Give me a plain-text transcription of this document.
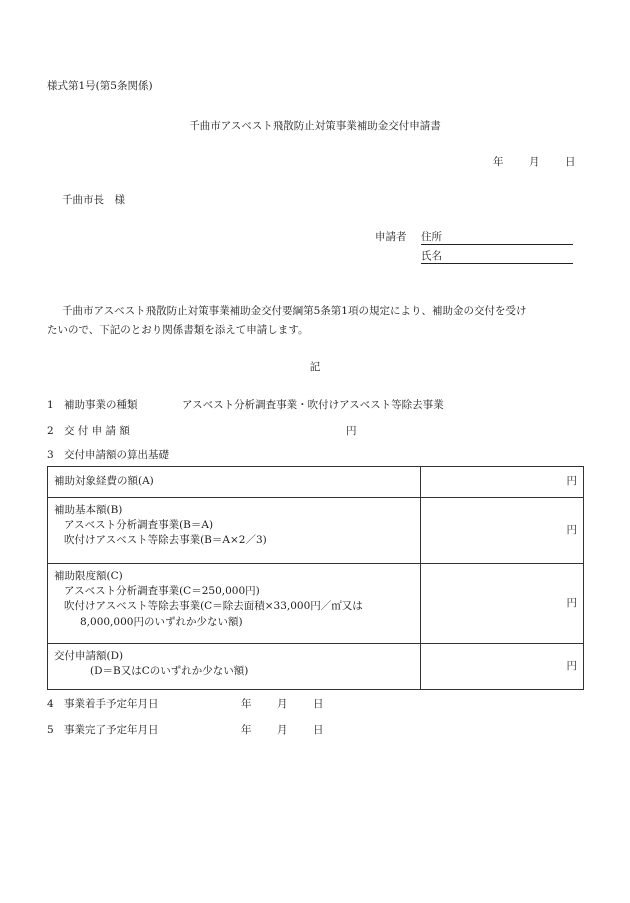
様式第1号(第5条関係)
千曲市アスベスト飛散防止対策事業補助金交付申請書
年 月 日
千曲市長　様
申請者 住所
氏名
千曲市アスベスト飛散防止対策事業補助金交付要綱第5条第1項の規定により、補助金の交付を受け
たいので、下記のとおり関係書類を添えて申請します。
記
1 補助事業の種類	アスベスト分析調査事業・吹付けアスベスト等除去事業
2 交 付 申 請 額	円
3 交付申請額の算出基礎
補助対象経費の額(A)	円

補助基本額(B)
アスベスト分析調査事業(B＝A)
吹付けアスベスト等除去事業(B＝A×2／3)	円

補助限度額(C)
アスベスト分析調査事業(C＝250,000円)
吹付けアスベスト等除去事業(C＝除去面積×33,000円／㎡又は
8,000,000円のいずれか少ない額)	円

交付申請額(D)
(D＝B又はCのいずれか少ない額)	円
4 事業着手予定年月日	年 月 日
5 事業完了予定年月日	年 月 日
